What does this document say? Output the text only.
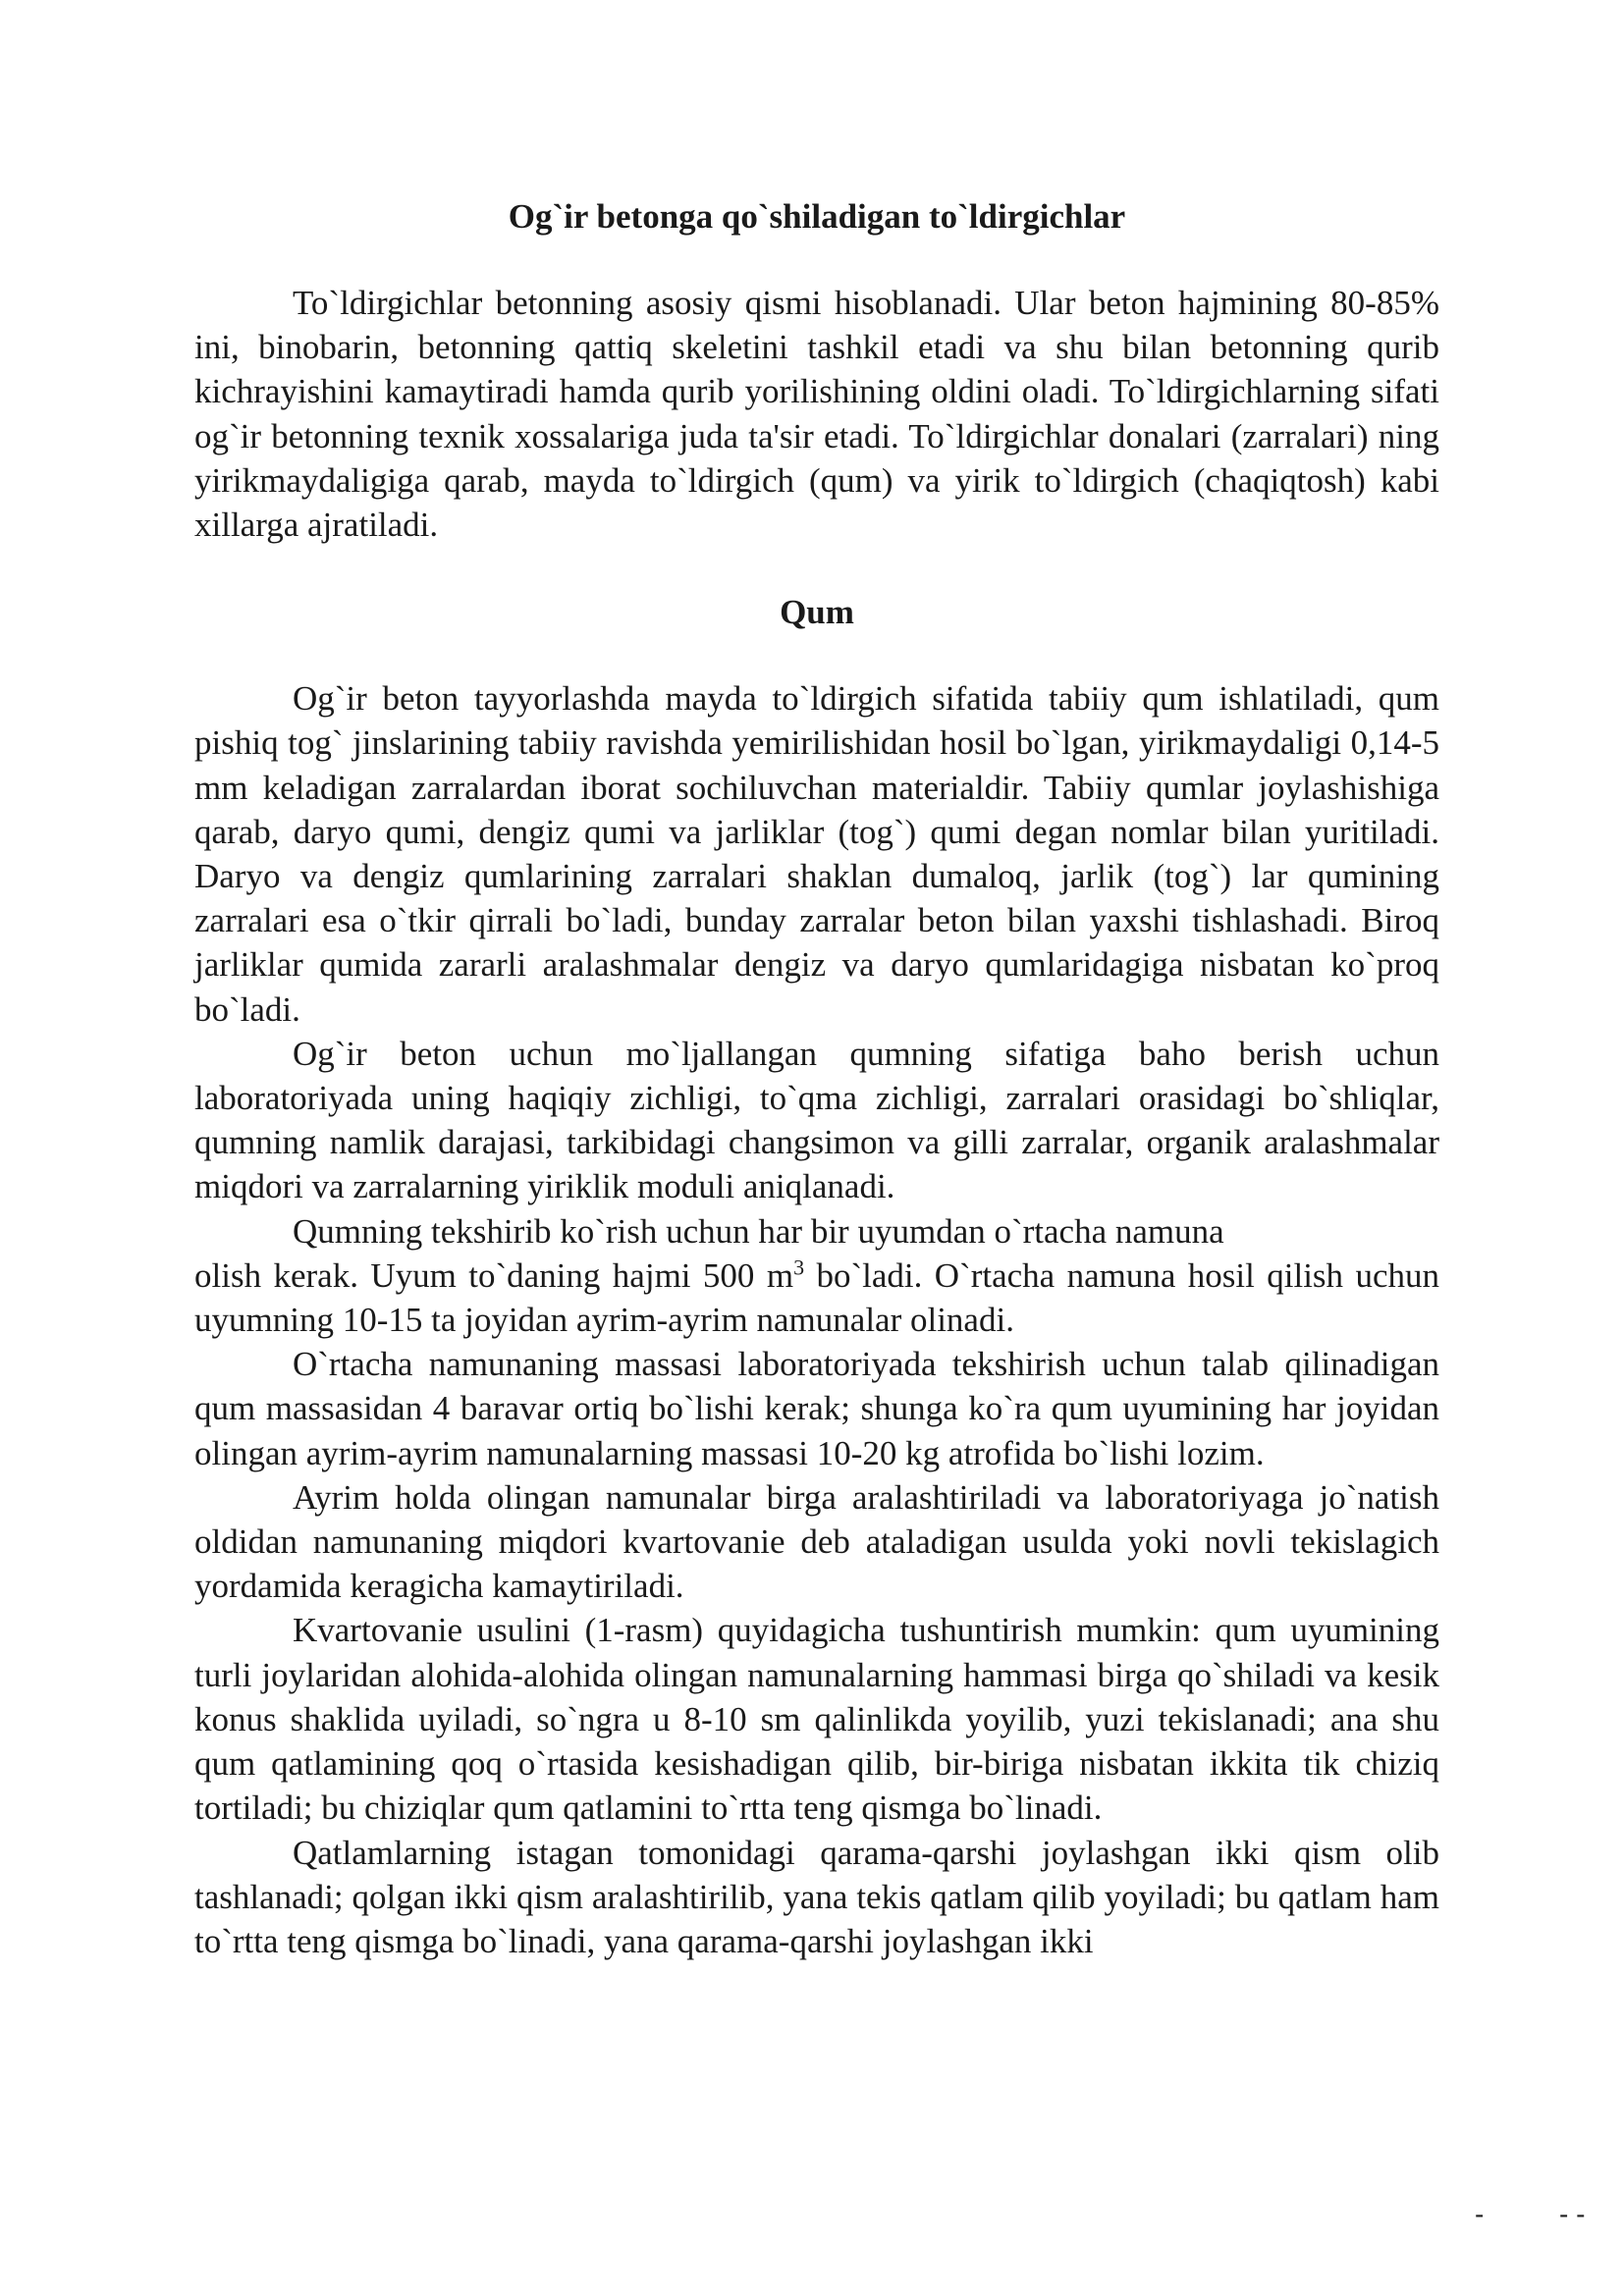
Og`ir betonga qo`shiladigan to`ldirgichlar

To`ldirgichlar betonning asosiy qismi hisoblanadi. Ular beton hajmining 80-85% ini, binobarin, betonning qattiq skeletini tashkil etadi va shu bilan betonning qurib kichrayishini kamaytiradi hamda qurib yorilishining oldini oladi. To`ldirgichlarning sifati og`ir betonning texnik xossalariga juda ta'sir etadi. To`ldirgichlar donalari (zarralari) ning yirikmaydaligiga qarab, mayda to`ldirgich (qum) va yirik to`ldirgich (chaqiqtosh) kabi xillarga ajratiladi.

Qum

Og`ir beton tayyorlashda mayda to`ldirgich sifatida tabiiy qum ishlatiladi, qum pishiq tog` jinslarining tabiiy ravishda yemirilishidan hosil bo`lgan, yirikmaydaligi 0,14-5 mm keladigan zarralardan iborat sochiluvchan materialdir. Tabiiy qumlar joylashishiga qarab, daryo qumi, dengiz qumi va jarliklar (tog`) qumi degan nomlar bilan yuritiladi. Daryo va dengiz qumlarining zarralari shaklan dumaloq, jarlik (tog`) lar qumining zarralari esa o`tkir qirrali bo`ladi, bunday zarralar beton bilan yaxshi tishlashadi. Biroq jarliklar qumida zararli aralashmalar dengiz va daryo qumlaridagiga nisbatan ko`proq bo`ladi.

Og`ir beton uchun mo`ljallangan qumning sifatiga baho berish uchun laboratoriyada uning haqiqiy zichligi, to`qma zichligi, zarralari orasidagi bo`shliqlar, qumning namlik darajasi, tarkibidagi changsimon va gilli zarralar, organik aralashmalar miqdori va zarralarning yiriklik moduli aniqlanadi.

Qumning tekshirib ko`rish uchun har bir uyumdan o`rtacha namuna
olish kerak. Uyum to`daning hajmi 500 $m^3$ bo`ladi. O`rtacha namuna hosil qilish uchun uyumning 10-15 ta joyidan ayrim-ayrim namunalar olinadi.

O`rtacha namunaning massasi laboratoriyada tekshirish uchun talab qilinadigan qum massasidan 4 baravar ortiq bo`lishi kerak; shunga ko`ra qum uyumining har joyidan olingan ayrim-ayrim namunalarning massasi 10-20 kg atrofida bo`lishi lozim.

Ayrim holda olingan namunalar birga aralashtiriladi va laboratoriyaga jo`natish oldidan namunaning miqdori kvartovanie deb ataladigan usulda yoki novli tekislagich yordamida keragicha kamaytiriladi.

Kvartovanie usulini (1-rasm) quyidagicha tushuntirish mumkin: qum uyumining turli joylaridan alohida-alohida olingan namunalarning hammasi birga qo`shiladi va kesik konus shaklida uyiladi, so`ngra u 8-10 sm qalinlikda yoyilib, yuzi tekislanadi; ana shu qum qatlamining qoq o`rtasida kesishadigan qilib, bir-biriga nisbatan ikkita tik chiziq tortiladi; bu chiziqlar qum qatlamini to`rtta teng qismga bo`linadi.

Qatlamlarning istagan tomonidagi qarama-qarshi joylashgan ikki qism olib tashlanadi; qolgan ikki qism aralashtirilib, yana tekis qatlam qilib yoyiladi; bu qatlam ham to`rtta teng qismga bo`linadi, yana qarama-qarshi joylashgan ikki

-	- -
